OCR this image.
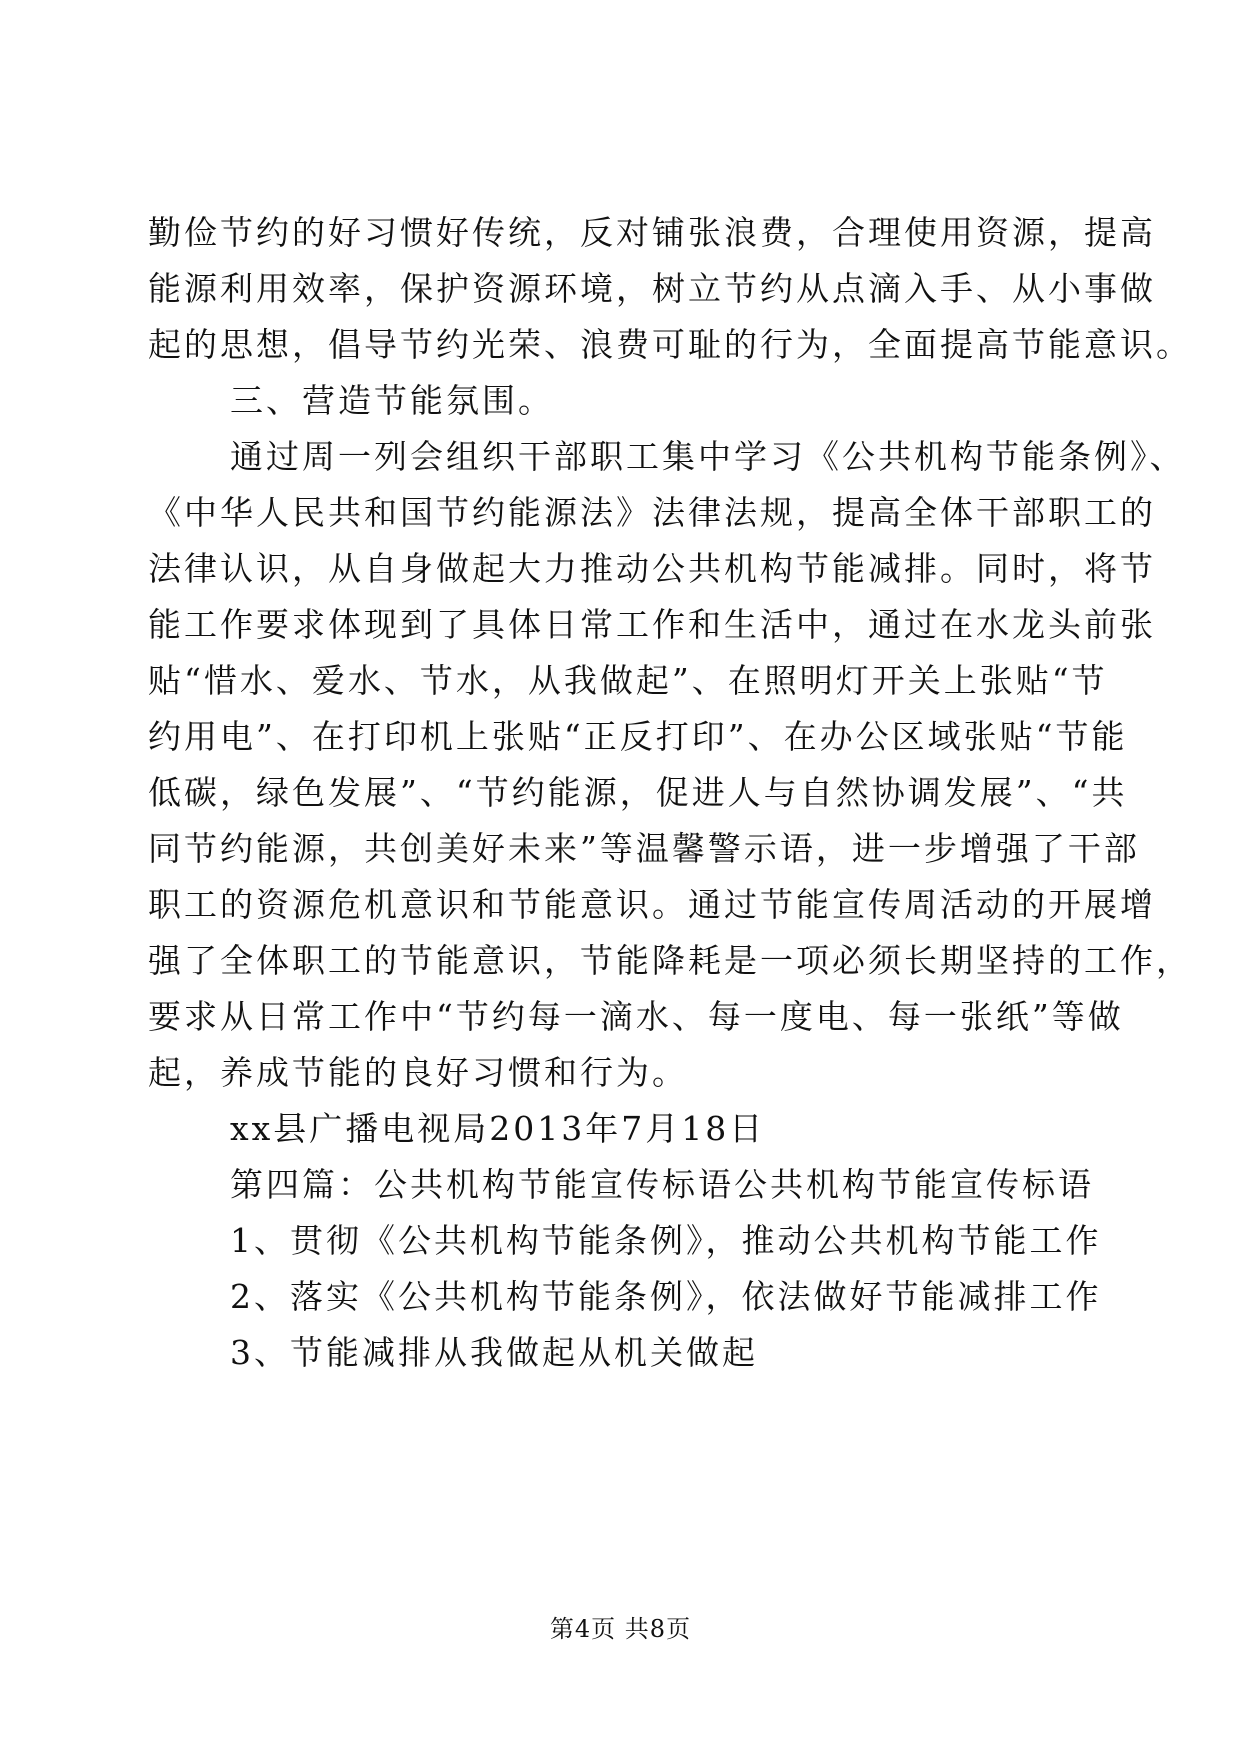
勤俭节约的好习惯好传统，反对铺张浪费，合理使用资源，提高
能源利用效率，保护资源环境，树立节约从点滴入手、从小事做
起的思想，倡导节约光荣、浪费可耻的行为，全面提高节能意识。
三、营造节能氛围。
通过周一列会组织干部职工集中学习《公共机构节能条例》、
《中华人民共和国节约能源法》法律法规，提高全体干部职工的
法律认识，从自身做起大力推动公共机构节能减排。同时，将节
能工作要求体现到了具体日常工作和生活中，通过在水龙头前张
贴“惜水、爱水、节水，从我做起”、在照明灯开关上张贴“节
约用电”、在打印机上张贴“正反打印”、在办公区域张贴“节能
低碳，绿色发展”、“节约能源，促进人与自然协调发展”、“共
同节约能源，共创美好未来”等温馨警示语，进一步增强了干部
职工的资源危机意识和节能意识。通过节能宣传周活动的开展增
强了全体职工的节能意识，节能降耗是一项必须长期坚持的工作，
要求从日常工作中“节约每一滴水、每一度电、每一张纸”等做
起，养成节能的良好习惯和行为。
xx县广播电视局2013年7月18日
第四篇：公共机构节能宣传标语公共机构节能宣传标语
1、贯彻《公共机构节能条例》，推动公共机构节能工作
2、落实《公共机构节能条例》，依法做好节能减排工作
3、节能减排从我做起从机关做起
第4页 共8页
